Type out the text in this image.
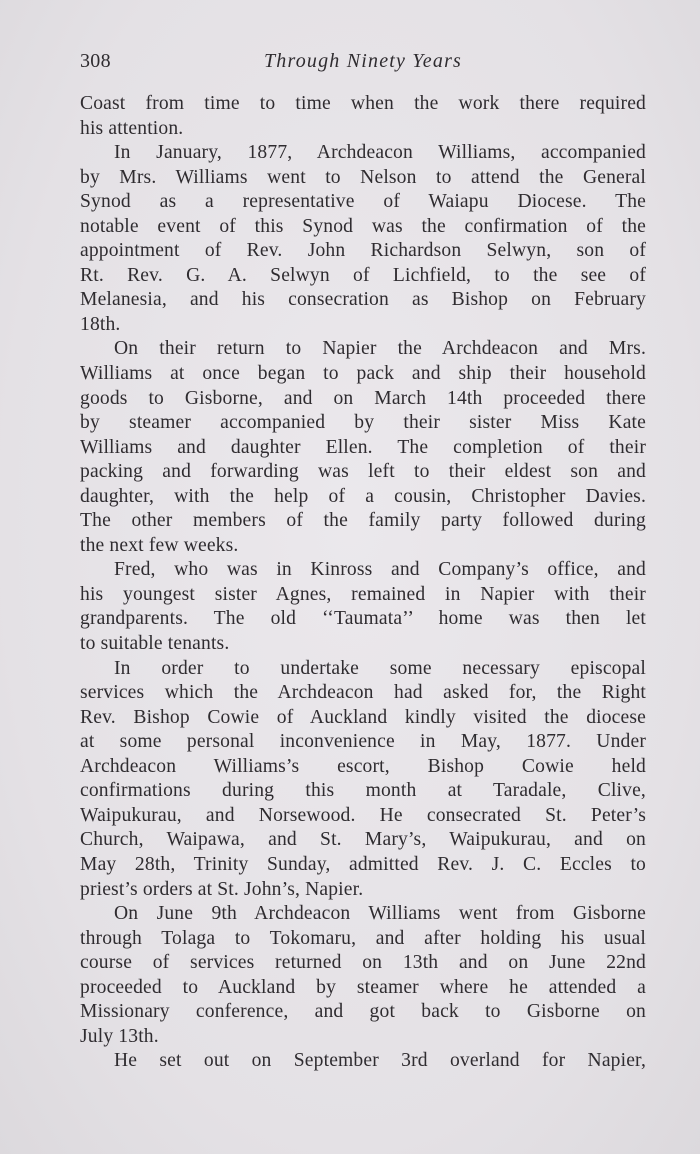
308	Through Ninety Years
Coast from time to time when the work there required
his attention.
In January, 1877, Archdeacon Williams, accompanied
by Mrs. Williams went to Nelson to attend the General
Synod as a representative of Waiapu Diocese. The
notable event of this Synod was the confirmation of the
appointment of Rev. John Richardson Selwyn, son of
Rt. Rev. G. A. Selwyn of Lichfield, to the see of
Melanesia, and his consecration as Bishop on February
18th.
On their return to Napier the Archdeacon and Mrs.
Williams at once began to pack and ship their household
goods to Gisborne, and on March 14th proceeded there
by steamer accompanied by their sister Miss Kate
Williams and daughter Ellen. The completion of their
packing and forwarding was left to their eldest son and
daughter, with the help of a cousin, Christopher Davies.
The other members of the family party followed during
the next few weeks.
Fred, who was in Kinross and Company’s office, and
his youngest sister Agnes, remained in Napier with their
grandparents. The old ‘‘Taumata’’ home was then let
to suitable tenants.
In order to undertake some necessary episcopal
services which the Archdeacon had asked for, the Right
Rev. Bishop Cowie of Auckland kindly visited the diocese
at some personal inconvenience in May, 1877. Under
Archdeacon Williams’s escort, Bishop Cowie held
confirmations during this month at Taradale, Clive,
Waipukurau, and Norsewood. He consecrated St. Peter’s
Church, Waipawa, and St. Mary’s, Waipukurau, and on
May 28th, Trinity Sunday, admitted Rev. J. C. Eccles to
priest’s orders at St. John’s, Napier.
On June 9th Archdeacon Williams went from Gisborne
through Tolaga to Tokomaru, and after holding his usual
course of services returned on 13th and on June 22nd
proceeded to Auckland by steamer where he attended a
Missionary conference, and got back to Gisborne on
July 13th.
He set out on September 3rd overland for Napier,
